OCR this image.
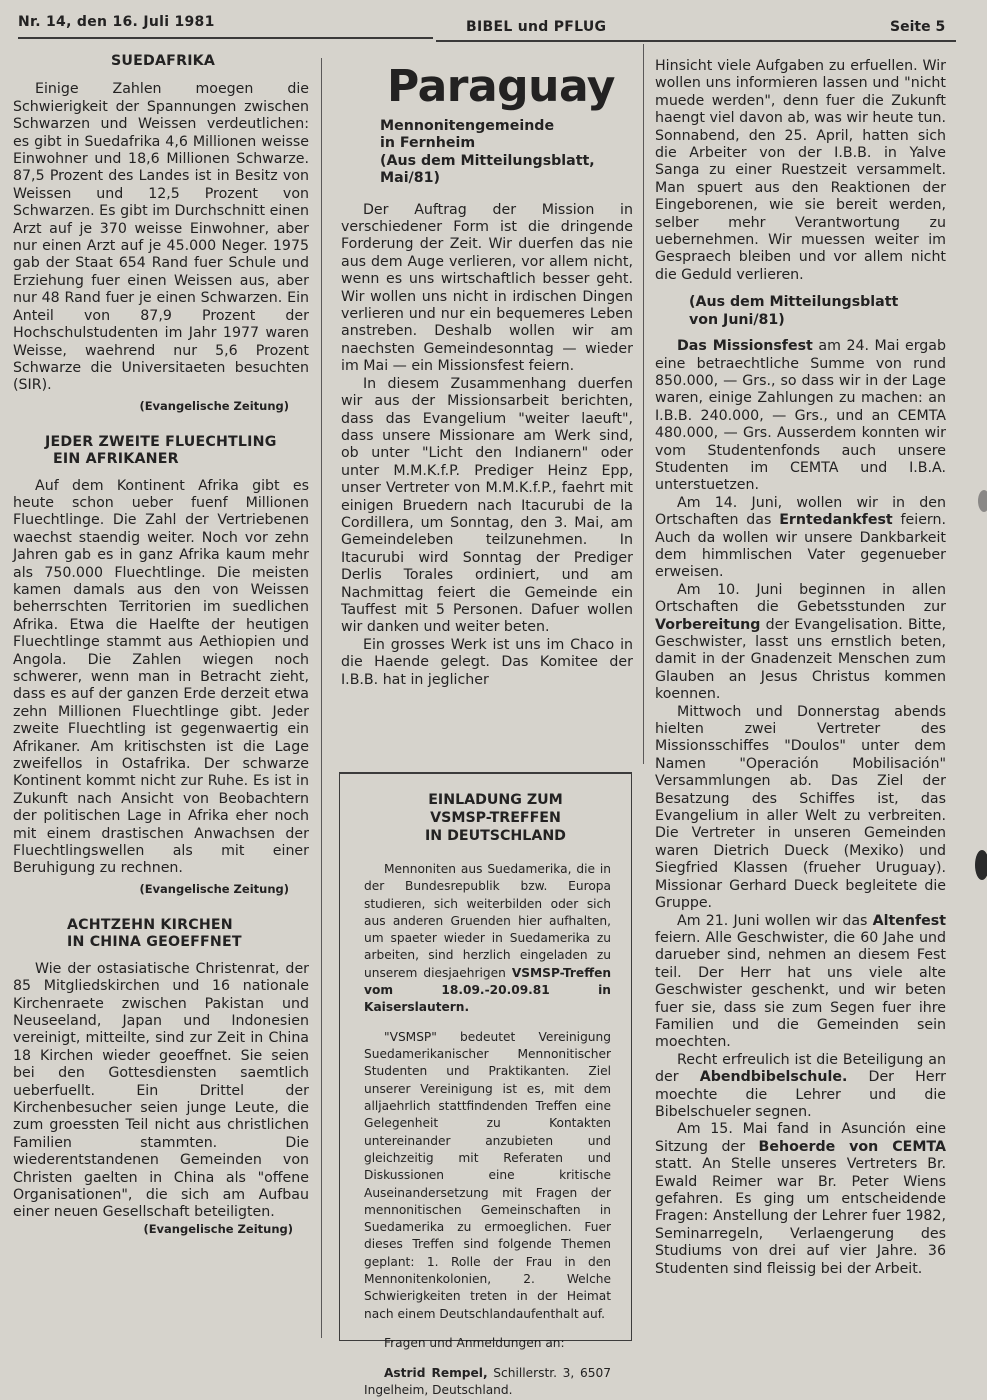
Nr. 14, den 16. Juli 1981	BIBEL und PFLUG	Seite 5
SUEDAFRIKA

Einige Zahlen moegen die Schwierigkeit der Spannungen zwischen Schwarzen und Weissen verdeutlichen: es gibt in Suedafrika 4,6 Millionen weisse Einwohner und 18,6 Millionen Schwarze. 87,5 Prozent des Landes ist in Besitz von Weissen und 12,5 Prozent von Schwarzen. Es gibt im Durchschnitt einen Arzt auf je 370 weisse Einwohner, aber nur einen Arzt auf je 45.000 Neger. 1975 gab der Staat 654 Rand fuer Schule und Erziehung fuer einen Weissen aus, aber nur 48 Rand fuer je einen Schwarzen. Ein Anteil von 87,9 Prozent der Hochschulstudenten im Jahr 1977 waren Weisse, waehrend nur 5,6 Prozent Schwarze die Universitaeten besuchten (SIR).

(Evangelische Zeitung)
JEDER ZWEITE FLUECHTLING
EIN AFRIKANER

Auf dem Kontinent Afrika gibt es heute schon ueber fuenf Millionen Fluechtlinge. Die Zahl der Vertriebenen waechst staendig weiter. Noch vor zehn Jahren gab es in ganz Afrika kaum mehr als 750.000 Fluechtlinge. Die meisten kamen damals aus den von Weissen beherrschten Territorien im suedlichen Afrika. Etwa die Haelfte der heutigen Fluechtlinge stammt aus Aethiopien und Angola. Die Zahlen wiegen noch schwerer, wenn man in Betracht zieht, dass es auf der ganzen Erde derzeit etwa zehn Millionen Fluechtlinge gibt. Jeder zweite Fluechtling ist gegenwaertig ein Afrikaner. Am kritischsten ist die Lage zweifellos in Ostafrika. Der schwarze Kontinent kommt nicht zur Ruhe. Es ist in Zukunft nach Ansicht von Beobachtern der politischen Lage in Afrika eher noch mit einem drastischen Anwachsen der Fluechtlingswellen als mit einer Beruhigung zu rechnen.

(Evangelische Zeitung)
ACHTZEHN KIRCHEN
IN CHINA GEOEFFNET

Wie der ostasiatische Christenrat, der 85 Mitgliedskirchen und 16 nationale Kirchenraete zwischen Pakistan und Neuseeland, Japan und Indonesien vereinigt, mitteilte, sind zur Zeit in China 18 Kirchen wieder geoeffnet. Sie seien bei den Gottesdiensten saemtlich ueberfuellt. Ein Drittel der Kirchenbesucher seien junge Leute, die zum groessten Teil nicht aus christlichen Familien stammten. Die wiederentstandenen Gemeinden von Christen gaelten in China als "offene Organisationen", die sich am Aufbau einer neuen Gesellschaft beteiligten.

(Evangelische Zeitung)
Paraguay
Mennonitengemeinde
in Fernheim
(Aus dem Mitteilungsblatt,
Mai/81)

Der Auftrag der Mission in verschiedener Form ist die dringende Forderung der Zeit. Wir duerfen das nie aus dem Auge verlieren, vor allem nicht, wenn es uns wirtschaftlich besser geht. Wir wollen uns nicht in irdischen Dingen verlieren und nur ein bequemeres Leben anstreben. Deshalb wollen wir am naechsten Gemeindesonntag — wieder im Mai — ein Missionsfest feiern.

In diesem Zusammenhang duerfen wir aus der Missionsarbeit berichten, dass das Evangelium "weiter laeuft", dass unsere Missionare am Werk sind, ob unter "Licht den Indianern" oder unter M.M.K.f.P. Prediger Heinz Epp, unser Vertreter von M.M.K.f.P., faehrt mit einigen Bruedern nach Itacurubi de la Cordillera, um Sonntag, den 3. Mai, am Gemeindeleben teilzunehmen. In Itacurubi wird Sonntag der Prediger Derlis Torales ordiniert, und am Nachmittag feiert die Gemeinde ein Tauffest mit 5 Personen. Dafuer wollen wir danken und weiter beten.

Ein grosses Werk ist uns im Chaco in die Haende gelegt. Das Komitee der I.B.B. hat in jeglicher

EINLADUNG ZUM
VSMSP-TREFFEN
IN DEUTSCHLAND

Mennoniten aus Suedamerika, die in der Bundesrepublik bzw. Europa studieren, sich weiterbilden oder sich aus anderen Gruenden hier aufhalten, um spaeter wieder in Suedamerika zu arbeiten, sind herzlich eingeladen zu unserem diesjaehrigen VSMSP-Treffen vom 18.09.-20.09.81 in Kaiserslautern.

"VSMSP" bedeutet Vereinigung Suedamerikanischer Mennonitischer Studenten und Praktikanten. Ziel unserer Vereinigung ist es, mit dem alljaehrlich stattfindenden Treffen eine Gelegenheit zu Kontakten untereinander anzubieten und gleichzeitig mit Referaten und Diskussionen eine kritische Auseinandersetzung mit Fragen der mennonitischen Gemeinschaften in Suedamerika zu ermoeglichen. Fuer dieses Treffen sind folgende Themen geplant: 1. Rolle der Frau in den Mennonitenkolonien, 2. Welche Schwierigkeiten treten in der Heimat nach einem Deutschlandaufenthalt auf.

Fragen und Anmeldungen an:

Astrid Rempel, Schillerstr. 3, 6507 Ingelheim, Deutschland.

Hinsicht viele Aufgaben zu erfuellen. Wir wollen uns informieren lassen und "nicht muede werden", denn fuer die Zukunft haengt viel davon ab, was wir heute tun. Sonnabend, den 25. April, hatten sich die Arbeiter von der I.B.B. in Yalve Sanga zu einer Ruestzeit versammelt. Man spuert aus den Reaktionen der Eingeborenen, wie sie bereit werden, selber mehr Verantwortung zu uebernehmen. Wir muessen weiter im Gespraech bleiben und vor allem nicht die Geduld verlieren.

(Aus dem Mitteilungsblatt
von Juni/81)

Das Missionsfest am 24. Mai ergab eine betraechtliche Summe von rund 850.000, — Grs., so dass wir in der Lage waren, einige Zahlungen zu machen: an I.B.B. 240.000, — Grs., und an CEMTA 480.000, — Grs. Ausserdem konnten wir vom Studentenfonds auch unsere Studenten im CEMTA und I.B.A. unterstuetzen.

Am 14. Juni, wollen wir in den Ortschaften das Erntedankfest feiern. Auch da wollen wir unsere Dankbarkeit dem himmlischen Vater gegenueber erweisen.

Am 10. Juni beginnen in allen Ortschaften die Gebetsstunden zur Vorbereitung der Evangelisation. Bitte, Geschwister, lasst uns ernstlich beten, damit in der Gnadenzeit Menschen zum Glauben an Jesus Christus kommen koennen.

Mittwoch und Donnerstag abends hielten zwei Vertreter des Missionsschiffes "Doulos" unter dem Namen "Operación Mobilisación" Versammlungen ab. Das Ziel der Besatzung des Schiffes ist, das Evangelium in aller Welt zu verbreiten. Die Vertreter in unseren Gemeinden waren Dietrich Dueck (Mexiko) und Siegfried Klassen (frueher Uruguay). Missionar Gerhard Dueck begleitete die Gruppe.

Am 21. Juni wollen wir das Altenfest feiern. Alle Geschwister, die 60 Jahe und darueber sind, nehmen an diesem Fest teil. Der Herr hat uns viele alte Geschwister geschenkt, und wir beten fuer sie, dass sie zum Segen fuer ihre Familien und die Gemeinden sein moechten.

Recht erfreulich ist die Beteiligung an der Abendbibelschule. Der Herr moechte die Lehrer und die Bibelschueler segnen.

Am 15. Mai fand in Asunción eine Sitzung der Behoerde von CEMTA statt. An Stelle unseres Vertreters Br. Ewald Reimer war Br. Peter Wiens gefahren. Es ging um entscheidende Fragen: Anstellung der Lehrer fuer 1982, Seminarregeln, Verlaengerung des Studiums von drei auf vier Jahre. 36 Studenten sind fleissig bei der Arbeit.
